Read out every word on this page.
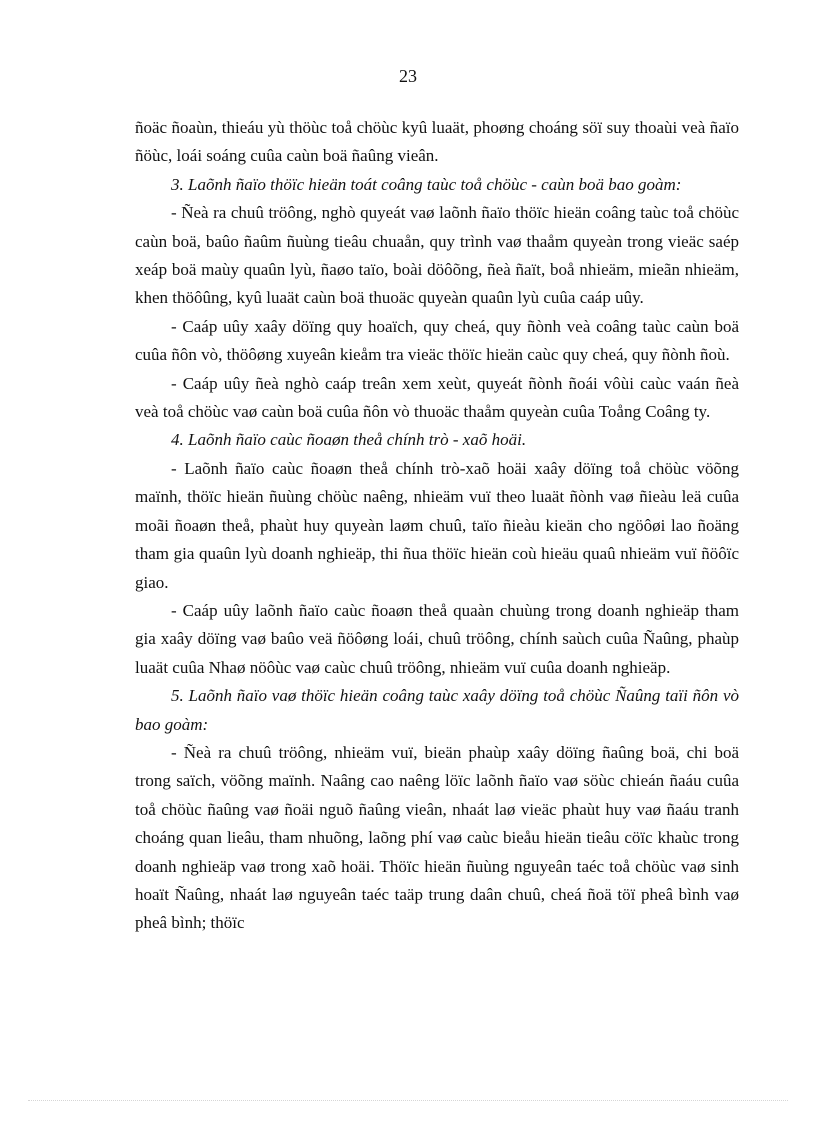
23

ñoäc ñoaùn, thieáu yù thöùc toå chöùc kyû luaät, phoøng choáng söï suy thoaùi veà ñaïo ñöùc, loái soáng cuûa caùn boä ñaûng vieân.

3. Laõnh ñaïo thöïc hieän toát coâng taùc toå chöùc - caùn boä bao goàm:

- Ñeà ra chuû tröông, nghò quyeát vaø laõnh ñaïo thöïc hieän coâng taùc toå chöùc caùn boä, baûo ñaûm ñuùng tieâu chuaån, quy trình vaø thaåm quyeàn trong vieäc saép xeáp boä maùy quaûn lyù, ñaøo taïo, boài döôõng, ñeà ñaït, boå nhieäm, mieãn nhieäm, khen thöôûng, kyû luaät caùn boä thuoäc quyeàn quaûn lyù cuûa caáp uûy.

- Caáp uûy xaây döïng quy hoaïch, quy cheá, quy ñònh veà coâng taùc caùn boä cuûa ñôn vò, thöôøng xuyeân kieåm tra vieäc thöïc hieän caùc quy cheá, quy ñònh ñoù.

- Caáp uûy ñeà nghò caáp treân xem xeùt, quyeát ñònh ñoái vôùi caùc vaán ñeà veà toå chöùc vaø caùn boä cuûa ñôn vò thuoäc thaåm quyeàn cuûa Toång Coâng ty.

4. Laõnh ñaïo caùc ñoaøn theå chính trò - xaõ hoäi.

- Laõnh ñaïo caùc ñoaøn theå chính trò-xaõ hoäi xaây döïng toå chöùc vöõng maïnh, thöïc hieän ñuùng chöùc naêng, nhieäm vuï theo luaät ñònh vaø ñieàu leä cuûa moãi ñoaøn theå, phaùt huy quyeàn laøm chuû, taïo ñieàu kieän cho ngöôøi lao ñoäng tham gia quaûn lyù doanh nghieäp, thi ñua thöïc hieän coù hieäu quaû nhieäm vuï ñöôïc giao.

- Caáp uûy laõnh ñaïo caùc ñoaøn theå quaàn chuùng trong doanh nghieäp tham gia xaây döïng vaø baûo veä ñöôøng loái, chuû tröông, chính saùch cuûa Ñaûng, phaùp luaät cuûa Nhaø nöôùc vaø caùc chuû tröông, nhieäm vuï cuûa doanh nghieäp.

5. Laõnh ñaïo vaø thöïc hieän coâng taùc xaây döïng toå chöùc Ñaûng taïi ñôn vò bao goàm:

- Ñeà ra chuû tröông, nhieäm vuï, bieän phaùp xaây döïng ñaûng boä, chi boä trong saïch, vöõng maïnh. Naâng cao naêng löïc laõnh ñaïo vaø söùc chieán ñaáu cuûa toå chöùc ñaûng vaø ñoäi nguõ ñaûng vieân, nhaát laø vieäc phaùt huy vaø ñaáu tranh choáng quan lieâu, tham nhuõng, laõng phí vaø caùc bieåu hieän tieâu cöïc khaùc trong doanh nghieäp vaø trong xaõ hoäi. Thöïc hieän ñuùng nguyeân taéc toå chöùc vaø sinh hoaït Ñaûng, nhaát laø nguyeân taéc taäp trung daân chuû, cheá ñoä töï pheâ bình vaø pheâ bình; thöïc
